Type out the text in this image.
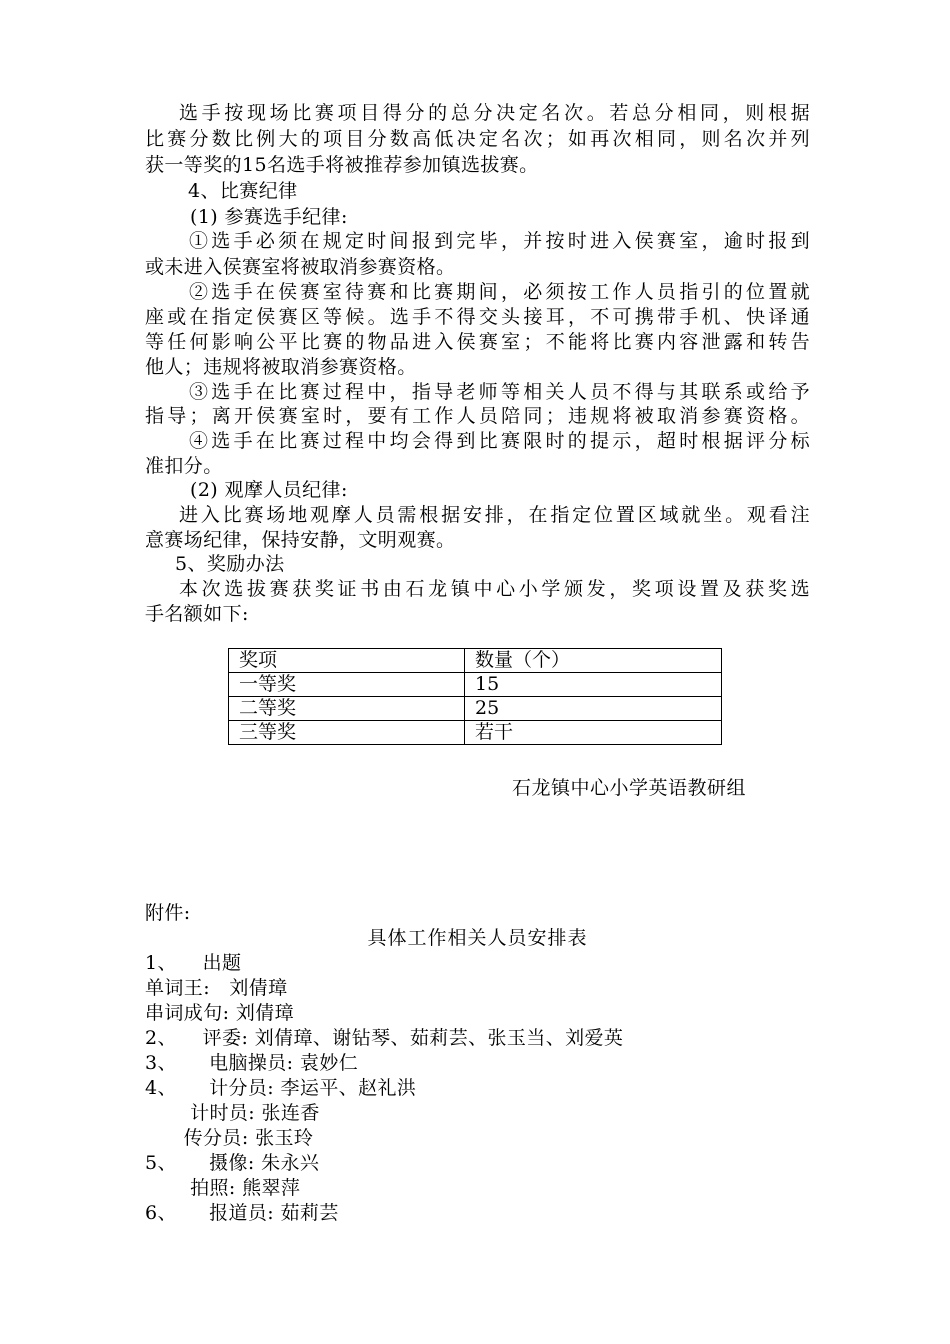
选手按现场比赛项目得分的总分决定名次。若总分相同，则根据
比赛分数比例大的项目分数高低决定名次；如再次相同，则名次并列
获一等奖的15名选手将被推荐参加镇选拔赛。
4、比赛纪律
(1) 参赛选手纪律:
①选手必须在规定时间报到完毕，并按时进入侯赛室，逾时报到
或未进入侯赛室将被取消参赛资格。
②选手在侯赛室待赛和比赛期间，必须按工作人员指引的位置就
座或在指定侯赛区等候。选手不得交头接耳，不可携带手机、快译通
等任何影响公平比赛的物品进入侯赛室；不能将比赛内容泄露和转告
他人；违规将被取消参赛资格。
③选手在比赛过程中，指导老师等相关人员不得与其联系或给予
指导；离开侯赛室时，要有工作人员陪同；违规将被取消参赛资格。
④选手在比赛过程中均会得到比赛限时的提示，超时根据评分标
准扣分。
(2) 观摩人员纪律:
进入比赛场地观摩人员需根据安排，在指定位置区域就坐。观看注
意赛场纪律，保持安静，文明观赛。
5、奖励办法
本次选拔赛获奖证书由石龙镇中心小学颁发，奖项设置及获奖选
手名额如下:
奖项	数量（个）
一等奖	15
二等奖	25
三等奖	若干
石龙镇中心小学英语教研组
附件:
具体工作相关人员安排表
1、    出题
单词王:   刘倩璋
串词成句: 刘倩璋
2、    评委: 刘倩璋、谢钻琴、茹莉芸、张玉当、刘爱英
3、     电脑操员: 袁妙仁
4、     计分员: 李运平、赵礼洪
计时员: 张连香
传分员: 张玉玲
5、     摄像: 朱永兴
拍照: 熊翠萍
6、     报道员: 茹莉芸
